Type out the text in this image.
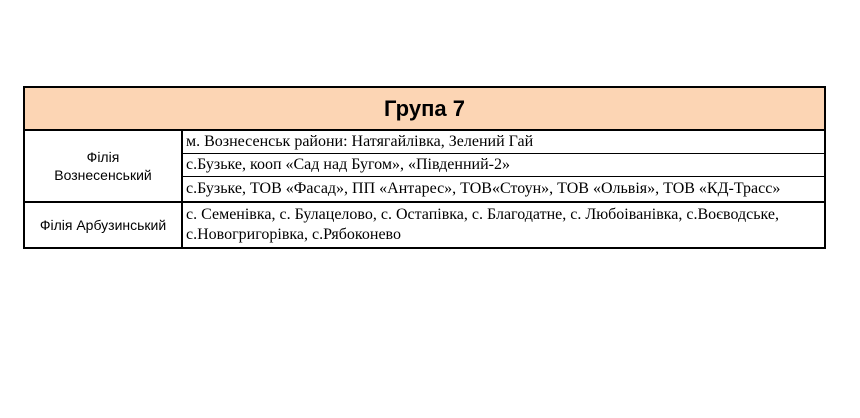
Група 7
Філія
Вознесенський
м. Вознесенськ райони: Натягайлівка, Зелений Гай
с.Бузьке, кооп «Сад над Бугом», «Південний-2»
с.Бузьке, ТОВ «Фасад», ПП «Антарес», ТОВ«Стоун», ТОВ «Ольвія», ТОВ «КД-Трасс»
Філія Арбузинський
с. Семенівка, с. Булацелово, с. Остапівка, с. Благодатне, с. Любоіванівка, с.Воєводське, с.Новогригорівка, с.Рябоконево
